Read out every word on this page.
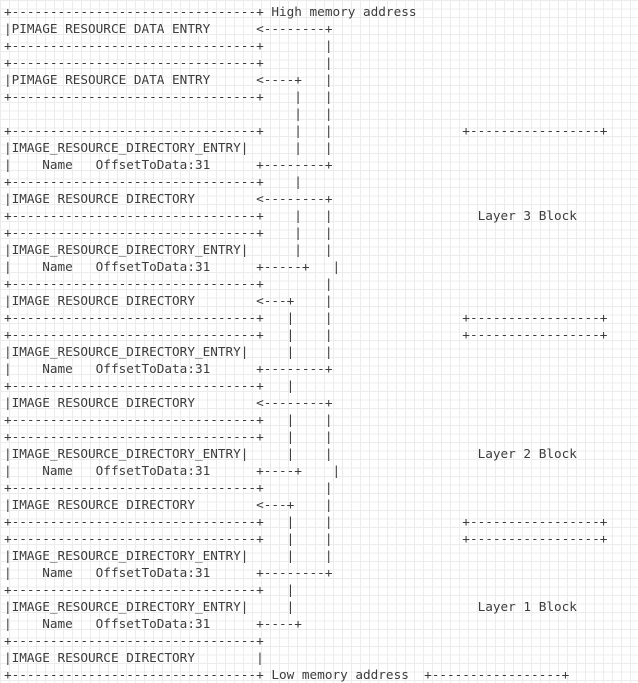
+--------------------------------+ High memory address
|PIMAGE RESOURCE DATA ENTRY      <--------+
+--------------------------------+        |
+--------------------------------+        |
|PIMAGE RESOURCE DATA ENTRY      <----+   |
+--------------------------------+    |   |
|   |
+--------------------------------+    |   |                 +-----------------+
|IMAGE_RESOURCE_DIRECTORY_ENTRY|      |   |
|    Name   OffsetToData:31      +--------+
+--------------------------------+    |
|IMAGE RESOURCE DIRECTORY        <--------+
+--------------------------------+    |   |                   Layer 3 Block
+--------------------------------+    |   |
|IMAGE_RESOURCE_DIRECTORY_ENTRY|      |   |
|    Name   OffsetToData:31      +-----+   |
+--------------------------------+        |
|IMAGE RESOURCE DIRECTORY        <---+    |
+--------------------------------+   |    |                 +-----------------+
+--------------------------------+   |    |                 +-----------------+
|IMAGE_RESOURCE_DIRECTORY_ENTRY|     |    |
|    Name   OffsetToData:31      +--------+
+--------------------------------+   |
|IMAGE RESOURCE DIRECTORY        <--------+
+--------------------------------+   |    |
+--------------------------------+   |    |
|IMAGE_RESOURCE_DIRECTORY_ENTRY|     |    |                   Layer 2 Block
|    Name   OffsetToData:31      +----+    |
+--------------------------------+        |
|IMAGE RESOURCE DIRECTORY        <---+    |
+--------------------------------+   |    |                 +-----------------+
+--------------------------------+   |    |                 +-----------------+
|IMAGE_RESOURCE_DIRECTORY_ENTRY|     |    |
|    Name   OffsetToData:31      +--------+
+--------------------------------+   |
|IMAGE_RESOURCE_DIRECTORY_ENTRY|     |                        Layer 1 Block
|    Name   OffsetToData:31      +----+
+--------------------------------+
|IMAGE RESOURCE DIRECTORY        |
+--------------------------------+ Low memory address  +-----------------+
